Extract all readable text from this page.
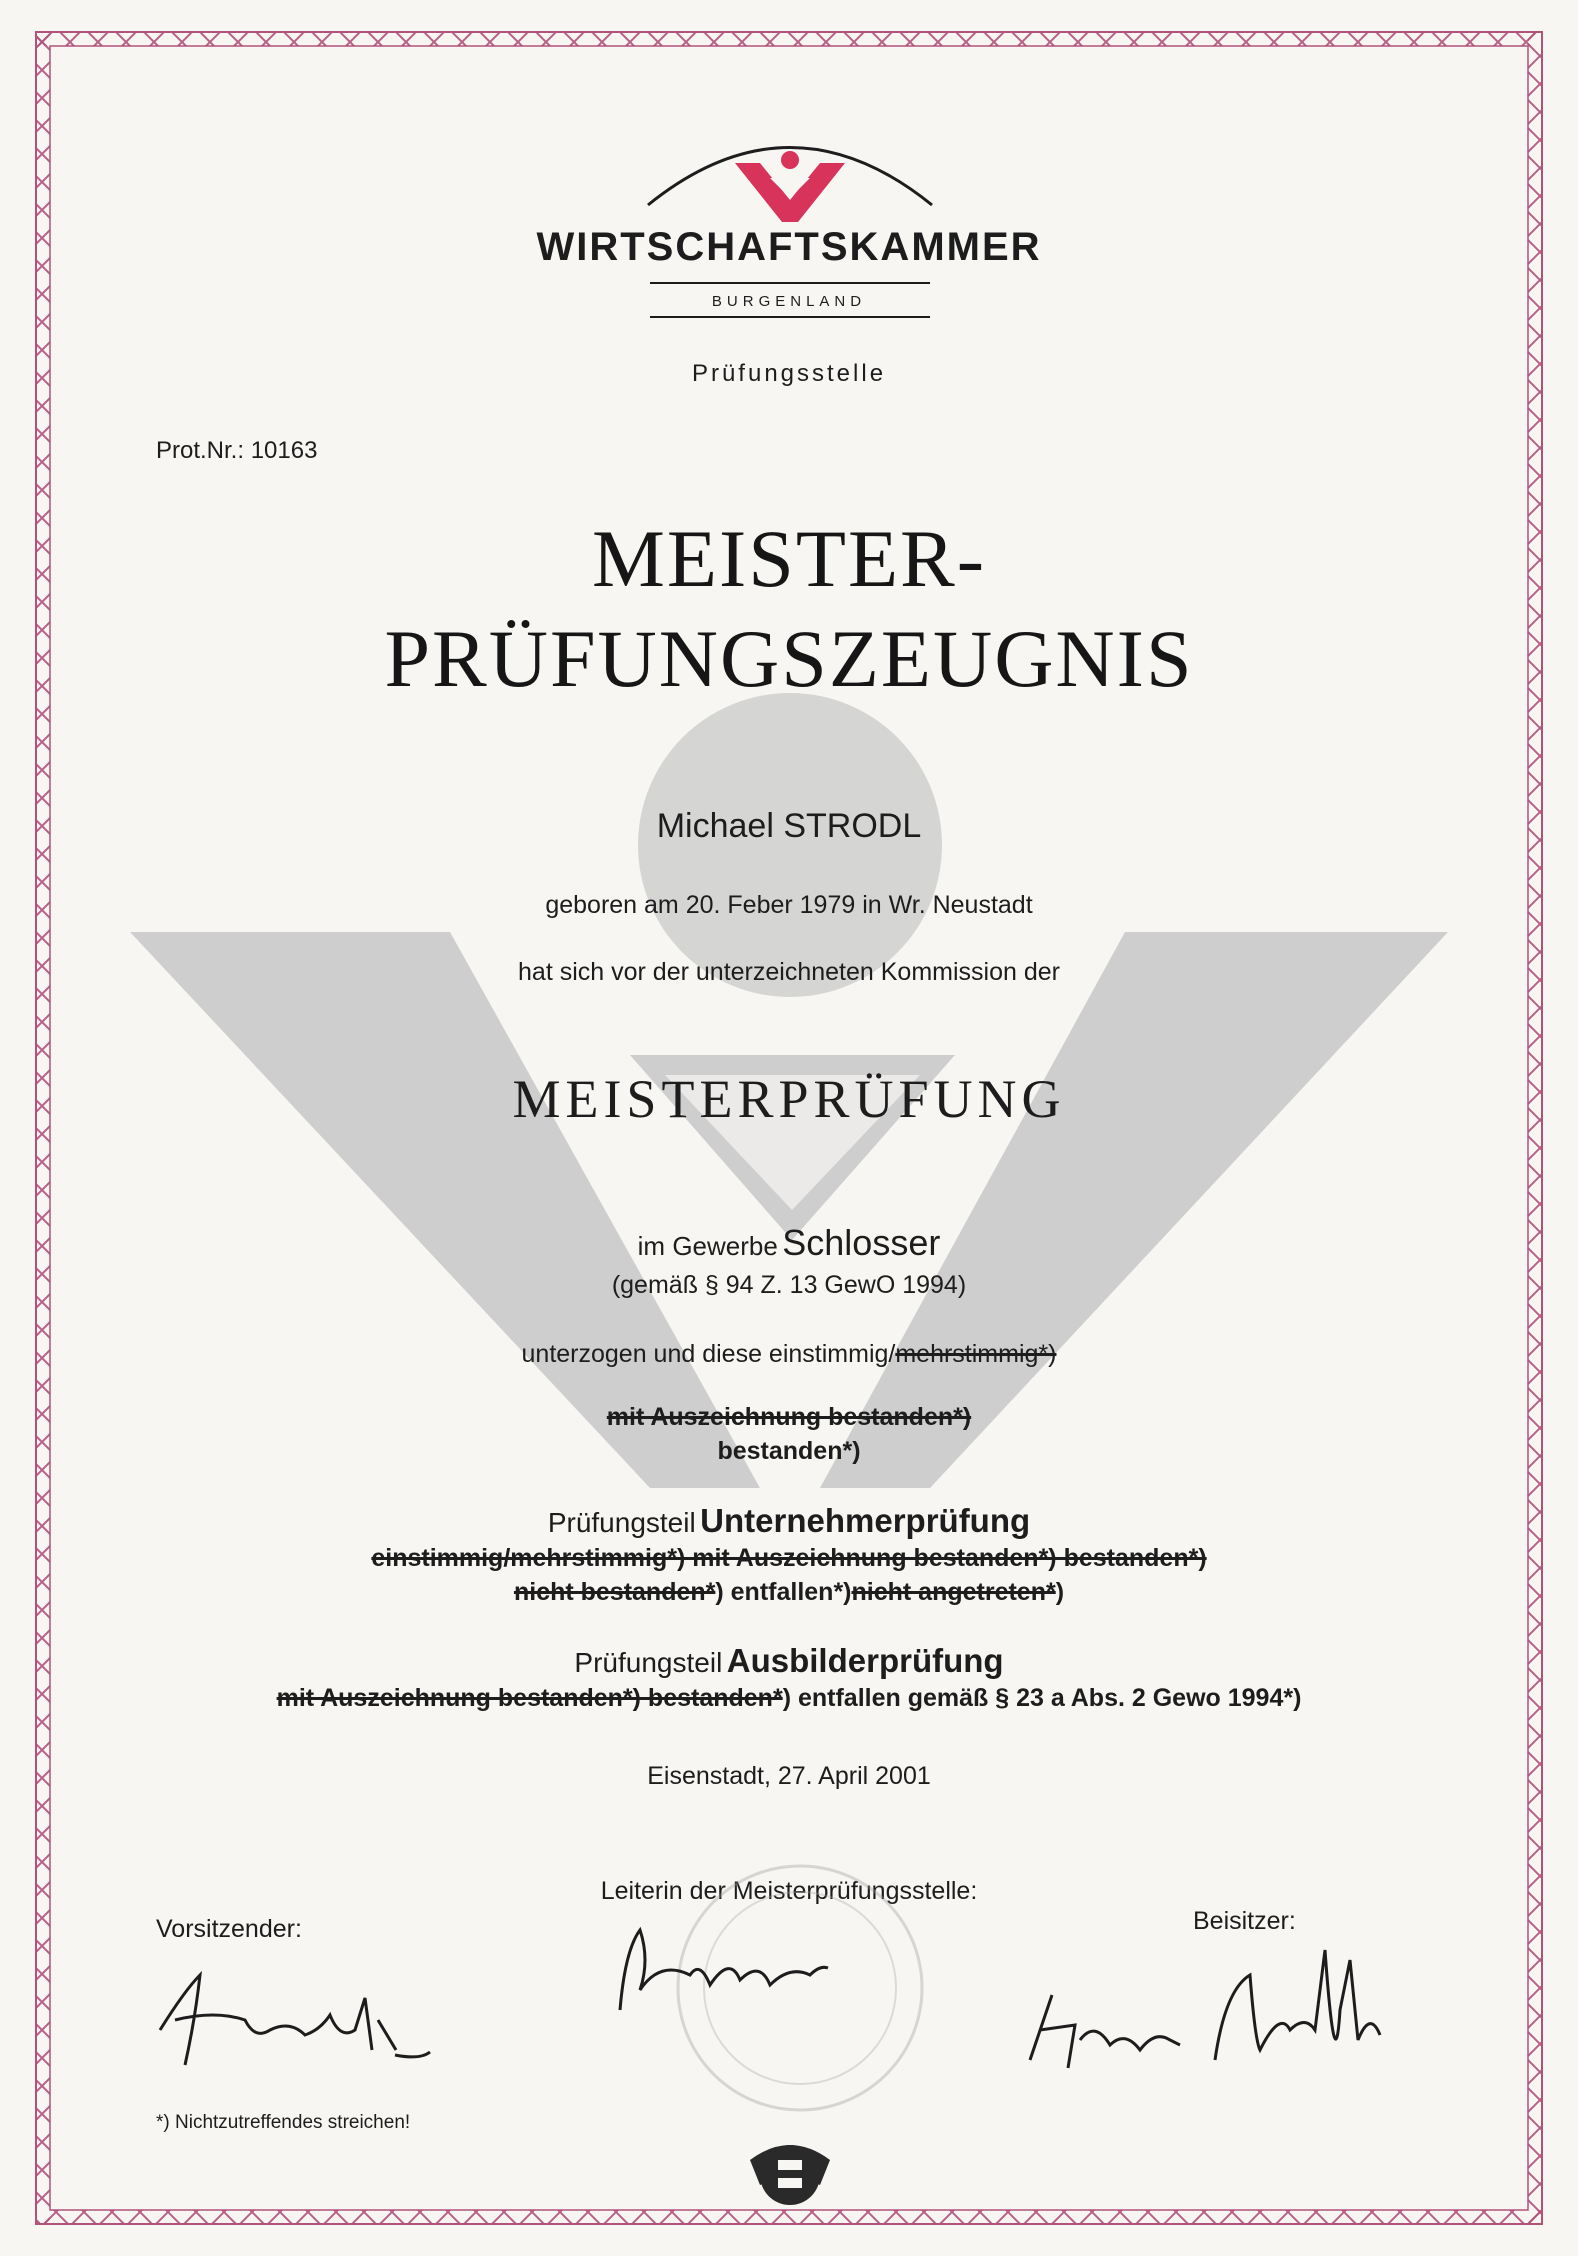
WIRTSCHAFTSKAMMER
BURGENLAND
Prüfungsstelle
Prot.Nr.: 10163
MEISTER-
PRÜFUNGSZEUGNIS
Michael STRODL
geboren am 20. Feber 1979 in Wr. Neustadt
hat sich vor der unterzeichneten Kommission der
MEISTERPRÜFUNG
im Gewerbe Schlosser
(gemäß § 94 Z. 13 GewO 1994)
unterzogen und diese einstimmig/mehrstimmig*)
mit Auszeichnung bestanden*)
bestanden*)
Prüfungsteil Unternehmerprüfung
einstimmig/mehrstimmig*) mit Auszeichnung bestanden*) bestanden*)
nicht bestanden*) entfallen*)nicht angetreten*)
Prüfungsteil Ausbilderprüfung
mit Auszeichnung bestanden*) bestanden*) entfallen gemäß § 23 a Abs. 2 Gewo 1994*)
Eisenstadt, 27. April 2001
Leiterin der Meisterprüfungsstelle:
Vorsitzender:	Beisitzer:
*) Nichtzutreffendes streichen!
